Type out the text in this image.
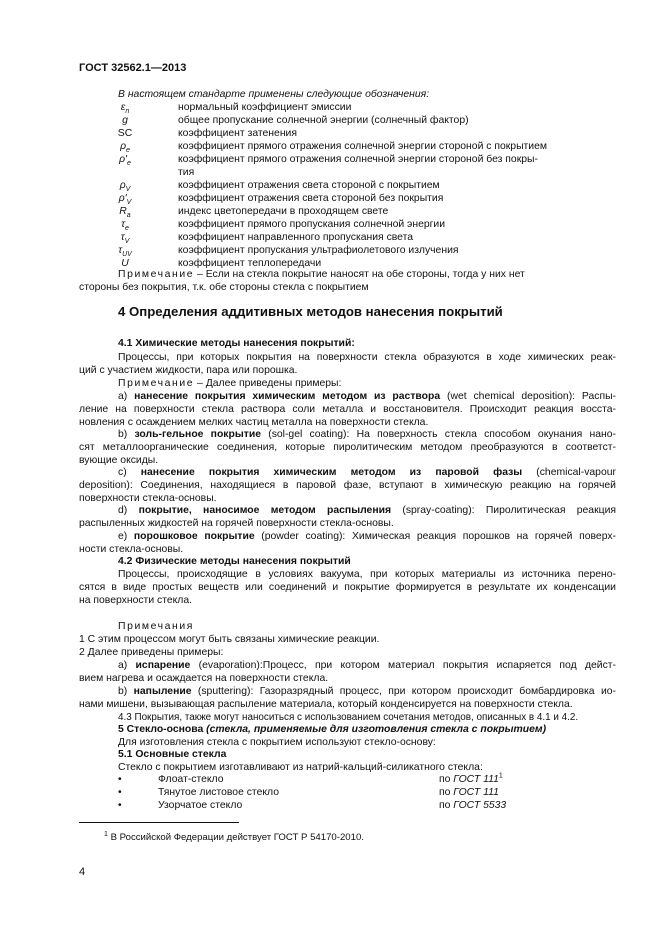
ГОСТ 32562.1—2013
В настоящем стандарте применены следующие обозначения:
$\varepsilon_n$	нормальный коэффициент эмиссии
g	общее пропускание солнечной энергии (солнечный фактор)
SC	коэффициент затенения
$\rho_e$	коэффициент прямого отражения солнечной энергии стороной с покрытием
$\rho'_e$	коэффициент прямого отражения солнечной энергии стороной без покры-
тия
$\rho_V$	коэффициент отражения света стороной с покрытием
$\rho'_V$	коэффициент отражения света стороной без покрытия
$R_a$	индекс цветопередачи в проходящем свете
$\tau_e$	коэффициент прямого пропускания солнечной энергии
$\tau_V$	коэффициент направленного пропускания света
$\tau_{UV}$	коэффициент пропускания ультрафиолетового излучения
U	коэффициент теплопередачи
Примечание – Если на стекла покрытие наносят на обе стороны, тогда у них нет
стороны без покрытия, т.к. обе стороны стекла с покрытием
4 Определения аддитивных методов нанесения покрытий
4.1 Химические методы нанесения покрытий:
Процессы, при которых покрытия на поверхности стекла образуются в ходе химических реак-
ций с участием жидкости, пара или порошка.
Примечание – Далее приведены примеры:
а) нанесение покрытия химическим методом из раствора (wet chemical deposition): Распы-
ление на поверхности стекла раствора соли металла и восстановителя. Происходит реакция восста-
новления с осаждением мелких частиц металла на поверхности стекла.
b) золь-гельное покрытие (sol-gel coating): На поверхность стекла способом окунания нано-
сят металлоорганические соединения, которые пиролитическим методом преобразуются в соответст-
вующие оксиды.
с) нанесение покрытия химическим методом из паровой фазы (chemical-vapour
deposition): Соединения, находящиеся в паровой фазе, вступают в химическую реакцию на горячей
поверхности стекла-основы.
d) покрытие, наносимое методом распыления (spray-coating): Пиролитическая реакция
распыленных жидкостей на горячей поверхности стекла-основы.
е) порошковое покрытие (powder coating): Химическая реакция порошков на горячей поверх-
ности стекла-основы.
4.2 Физические методы нанесения покрытий
Процессы, происходящие в условиях вакуума, при которых материалы из источника перено-
сятся в виде простых веществ или соединений и покрытие формируется в результате их конденсации
на поверхности стекла.
Примечания
1 С этим процессом могут быть связаны химические реакции.
2 Далее приведены примеры:
а) испарение (evaporation):Процесс, при котором материал покрытия испаряется под дейст-
вием нагрева и осаждается на поверхности стекла.
b) напыление (sputtering): Газоразрядный процесс, при котором происходит бомбардировка ио-
нами мишени, вызывающая распыление материала, который конденсируется на поверхности стекла.
4.3 Покрытия, также могут наноситься с использованием сочетания методов, описанных в 4.1 и 4.2.
5 Стекло-основа (стекла, применяемые для изготовления стекла с покрытием)
Для изготовления стекла с покрытием используют стекло-основу:
5.1 Основные стекла
Стекло с покрытием изготавливают из натрий-кальций-силикатного стекла:
•	Флоат-стекло	по ГОСТ $111^1$
•	Тянутое листовое стекло	по ГОСТ 111
•	Узорчатое стекло	по ГОСТ 5533
$^1$ В Российской Федерации действует ГОСТ Р 54170-2010.
4
